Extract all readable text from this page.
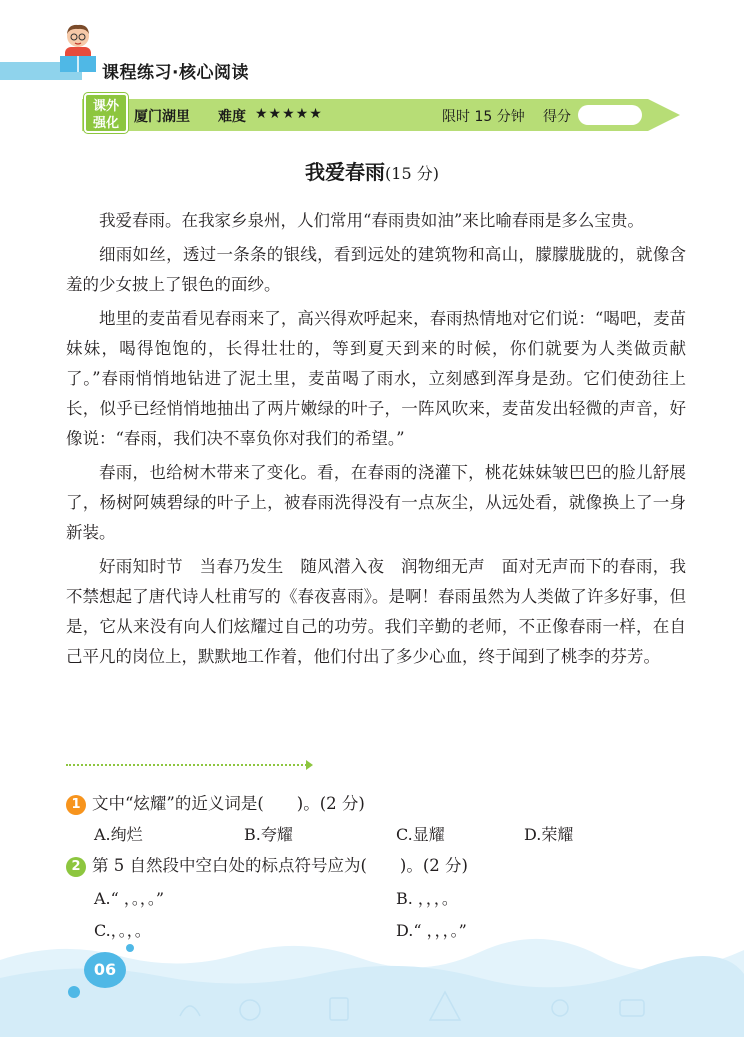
课程练习·核心阅读
课外
强化	厦门湖里 难度 ★★★★★	限时 15 分钟 得分
我爱春雨(15 分)

我爱春雨。在我家乡泉州，人们常用“春雨贵如油”来比喻春雨是多么宝贵。

细雨如丝，透过一条条的银线，看到远处的建筑物和高山，朦朦胧胧的，就像含羞的少女披上了银色的面纱。

地里的麦苗看见春雨来了，高兴得欢呼起来，春雨热情地对它们说：“喝吧，麦苗妹妹，喝得饱饱的，长得壮壮的，等到夏天到来的时候，你们就要为人类做贡献了。”春雨悄悄地钻进了泥土里，麦苗喝了雨水，立刻感到浑身是劲。它们使劲往上长，似乎已经悄悄地抽出了两片嫩绿的叶子，一阵风吹来，麦苗发出轻微的声音，好像说：“春雨，我们决不辜负你对我们的希望。”

春雨，也给树木带来了变化。看，在春雨的浇灌下，桃花妹妹皱巴巴的脸儿舒展了，杨树阿姨碧绿的叶子上，被春雨洗得没有一点灰尘，从远处看，就像换上了一身新装。

好雨知时节　当春乃发生　随风潜入夜　润物细无声　面对无声而下的春雨，我不禁想起了唐代诗人杜甫写的《春夜喜雨》。是啊！春雨虽然为人类做了许多好事，但是，它从来没有向人们炫耀过自己的功劳。我们辛勤的老师，不正像春雨一样，在自己平凡的岗位上，默默地工作着，他们付出了多少心血，终于闻到了桃李的芬芳。

1 文中“炫耀”的近义词是(　　)。(2 分)
A.绚烂	B.夸耀	C.显耀	D.荣耀
2 第 5 自然段中空白处的标点符号应为(　　)。(2 分)
A.“ ，。，。”	B. ，，，。
C.，。，。	D.“ ，，，。”
06
